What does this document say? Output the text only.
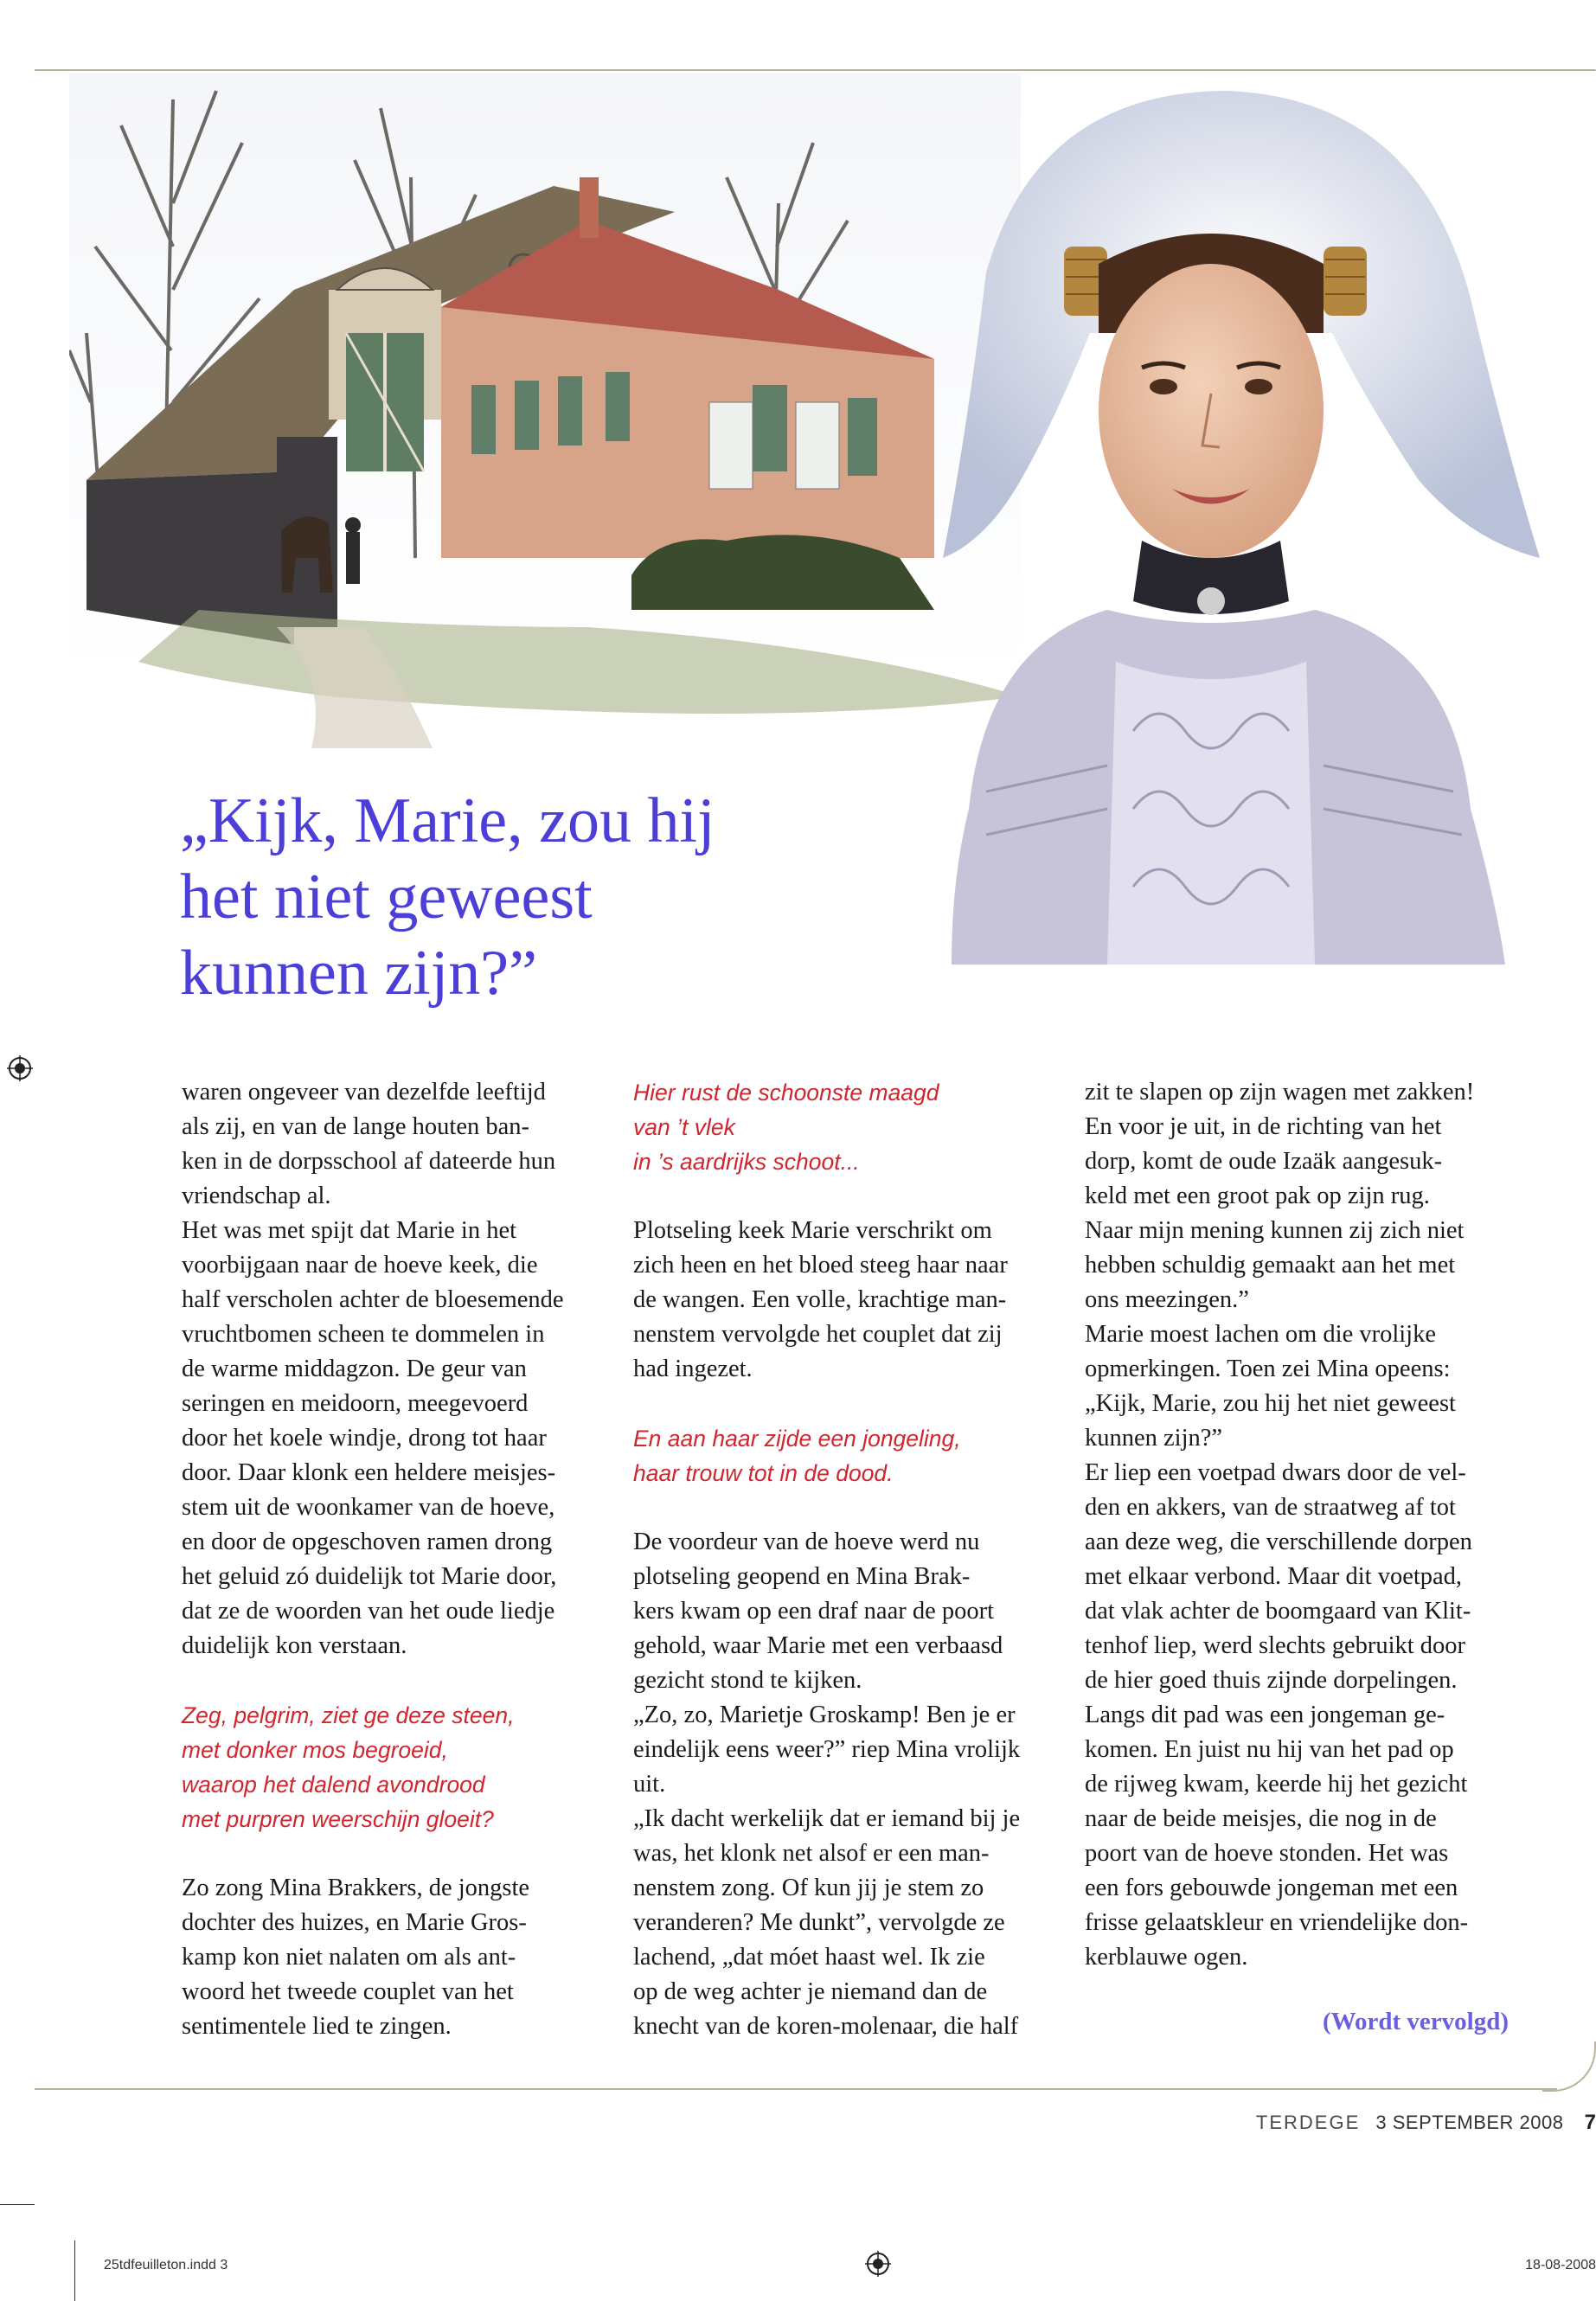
„Kijk, Marie, zou hij
het niet geweest
kunnen zijn?”
waren ongeveer van dezelfde leeftijd
als zij, en van de lange houten ban-
ken in de dorpsschool af dateerde hun
vriendschap al.
Het was met spijt dat Marie in het
voorbijgaan naar de hoeve keek, die
half verscholen achter de bloesemende
vruchtbomen scheen te dommelen in
de warme middagzon. De geur van
seringen en meidoorn, meegevoerd
door het koele windje, drong tot haar
door. Daar klonk een heldere meisjes-
stem uit de woonkamer van de hoeve,
en door de opgeschoven ramen drong
het geluid zó duidelijk tot Marie door,
dat ze de woorden van het oude liedje
duidelijk kon verstaan.
Zeg, pelgrim, ziet ge deze steen,
met donker mos begroeid,
waarop het dalend avondrood
met purpren weerschijn gloeit?
Zo zong Mina Brakkers, de jongste
dochter des huizes, en Marie Gros-
kamp kon niet nalaten om als ant-
woord het tweede couplet van het
sentimentele lied te zingen.
Hier rust de schoonste maagd
van ’t vlek
in ’s aardrijks schoot...
Plotseling keek Marie verschrikt om
zich heen en het bloed steeg haar naar
de wangen. Een volle, krachtige man-
nenstem vervolgde het couplet dat zij
had ingezet.
En aan haar zijde een jongeling,
haar trouw tot in de dood.
De voordeur van de hoeve werd nu
plotseling geopend en Mina Brak-
kers kwam op een draf naar de poort
gehold, waar Marie met een verbaasd
gezicht stond te kijken.
„Zo, zo, Marietje Groskamp! Ben je er
eindelijk eens weer?” riep Mina vrolijk
uit.
„Ik dacht werkelijk dat er iemand bij je
was, het klonk net alsof er een man-
nenstem zong. Of kun jij je stem zo
veranderen? Me dunkt”, vervolgde ze
lachend, „dat móet haast wel. Ik zie
op de weg achter je niemand dan de
knecht van de koren-molenaar, die half
zit te slapen op zijn wagen met zakken!
En voor je uit, in de richting van het
dorp, komt de oude Izaäk aangesuk-
keld met een groot pak op zijn rug.
Naar mijn mening kunnen zij zich niet
hebben schuldig gemaakt aan het met
ons meezingen.”
Marie moest lachen om die vrolijke
opmerkingen. Toen zei Mina opeens:
„Kijk, Marie, zou hij het niet geweest
kunnen zijn?”
Er liep een voetpad dwars door de vel-
den en akkers, van de straatweg af tot
aan deze weg, die verschillende dorpen
met elkaar verbond. Maar dit voetpad,
dat vlak achter de boomgaard van Klit-
tenhof liep, werd slechts gebruikt door
de hier goed thuis zijnde dorpelingen.
Langs dit pad was een jongeman ge-
komen. En juist nu hij van het pad op
de rijweg kwam, keerde hij het gezicht
naar de beide meisjes, die nog in de
poort van de hoeve stonden. Het was
een fors gebouwde jongeman met een
frisse gelaatskleur en vriendelijke don-
kerblauwe ogen.
(Wordt vervolgd)
TERDEGE 3 SEPTEMBER 2008 7
25tdfeuilleton.indd 3	18-08-2008
